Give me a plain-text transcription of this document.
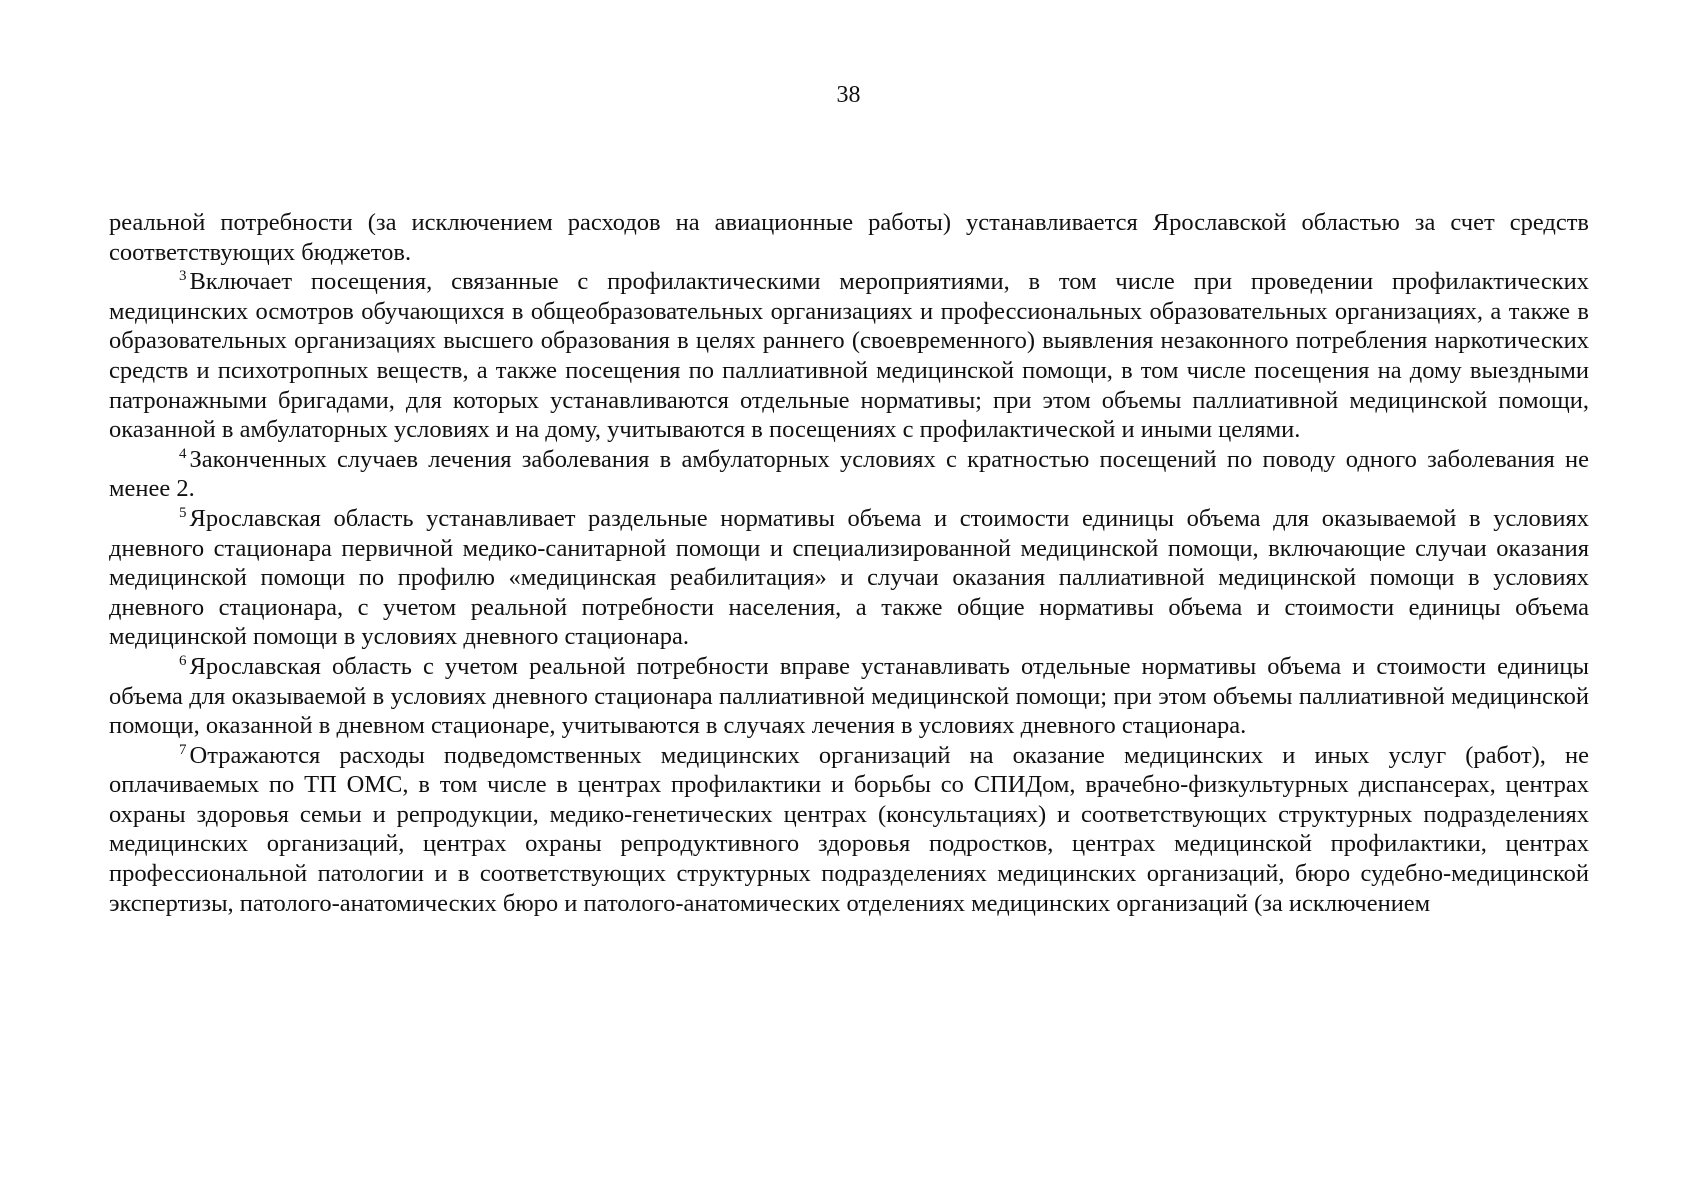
38

реальной потребности (за исключением расходов на авиационные работы) устанавливается Ярославской областью за счет средств соответствующих бюджетов.

$^3$ Включает посещения, связанные с профилактическими мероприятиями, в том числе при проведении профилактических медицинских осмотров обучающихся в общеобразовательных организациях и профессиональных образовательных организациях, а также в образовательных организациях высшего образования в целях раннего (своевременного) выявления незаконного потребления наркотических средств и психотропных веществ, а также посещения по паллиативной медицинской помощи, в том числе посещения на дому выездными патронажными бригадами, для которых устанавливаются отдельные нормативы; при этом объемы паллиативной медицинской помощи, оказанной в амбулаторных условиях и на дому, учитываются в посещениях с профилактической и иными целями.

$^4$ Законченных случаев лечения заболевания в амбулаторных условиях с кратностью посещений по поводу одного заболевания не менее 2.

$^5$ Ярославская область устанавливает раздельные нормативы объема и стоимости единицы объема для оказываемой в условиях дневного стационара первичной медико-санитарной помощи и специализированной медицинской помощи, включающие случаи оказания медицинской помощи по профилю «медицинская реабилитация» и случаи оказания паллиативной медицинской помощи в условиях дневного стационара, с учетом реальной потребности населения, а также общие нормативы объема и стоимости единицы объема медицинской помощи в условиях дневного стационара.

$^6$ Ярославская область с учетом реальной потребности вправе устанавливать отдельные нормативы объема и стоимости единицы объема для оказываемой в условиях дневного стационара паллиативной медицинской помощи; при этом объемы паллиативной медицинской помощи, оказанной в дневном стационаре, учитываются в случаях лечения в условиях дневного стационара.

$^7$ Отражаются расходы подведомственных медицинских организаций на оказание медицинских и иных услуг (работ), не оплачиваемых по ТП ОМС, в том числе в центрах профилактики и борьбы со СПИДом, врачебно-физкультурных диспансерах, центрах охраны здоровья семьи и репродукции, медико-генетических центрах (консультациях) и соответствующих структурных подразделениях медицинских организаций, центрах охраны репродуктивного здоровья подростков, центрах медицинской профилактики, центрах профессиональной патологии и в соответствующих структурных подразделениях медицинских организаций, бюро судебно-медицинской экспертизы, патолого-анатомических бюро и патолого-анатомических отделениях медицинских организаций (за исключением
